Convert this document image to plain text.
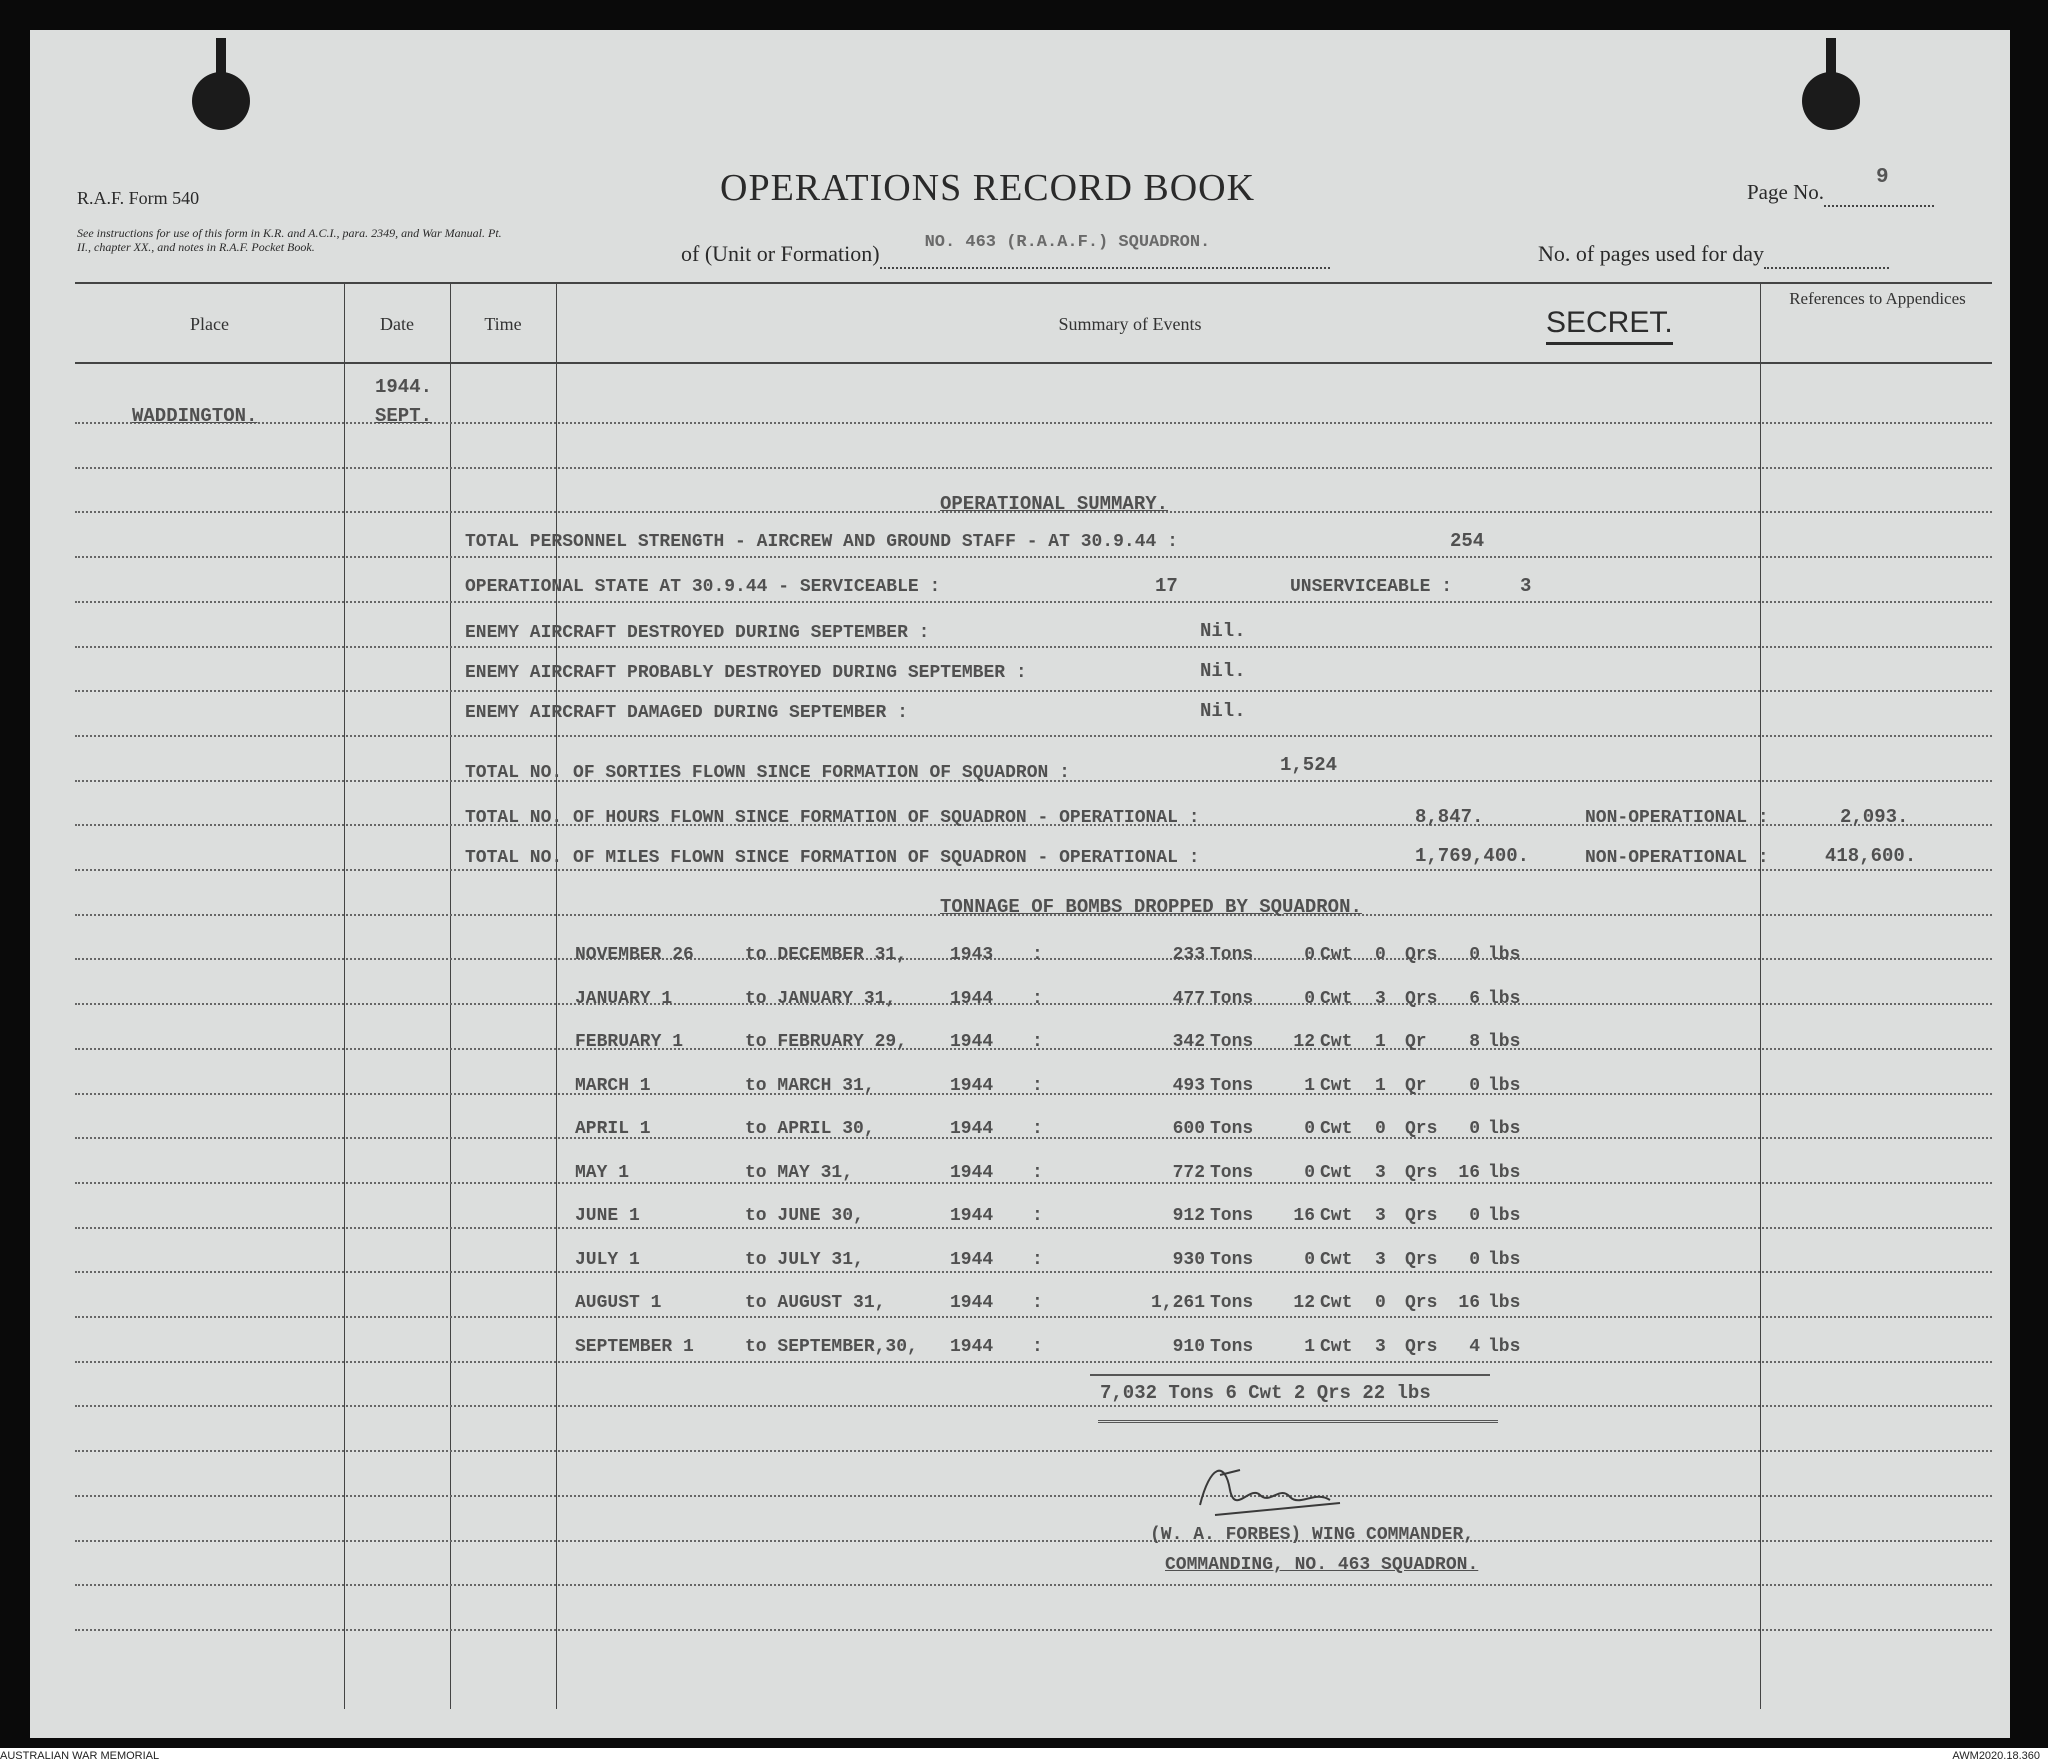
R.A.F. Form 540
See instructions for use of this form in K.R. and A.C.I., para. 2349, and War Manual. Pt. II., chapter XX., and notes in R.A.F. Pocket Book.
OPERATIONS RECORD BOOK	Page No.
9

of (Unit or Formation)	NO. 463 (R.A.A.F.) SQUADRON.
	No. of pages used for day
Place	Date	Time	Summary of Events	SECRET.
References to Appendices
WADDINGTON.
1944.
SEPT.
OPERATIONAL SUMMARY.
TOTAL PERSONNEL STRENGTH - AIRCREW AND GROUND STAFF - AT 30.9.44 :	254
OPERATIONAL STATE AT 30.9.44 - SERVICEABLE :	17	UNSERVICEABLE :	3
ENEMY AIRCRAFT DESTROYED DURING SEPTEMBER :	Nil.
ENEMY AIRCRAFT PROBABLY DESTROYED DURING SEPTEMBER :	Nil.
ENEMY AIRCRAFT DAMAGED DURING SEPTEMBER :	Nil.
TOTAL NO. OF SORTIES FLOWN SINCE FORMATION OF SQUADRON :	1,524
TOTAL NO. OF HOURS FLOWN SINCE FORMATION OF SQUADRON - OPERATIONAL :	8,847.	NON-OPERATIONAL :	2,093.
TOTAL NO. OF MILES FLOWN SINCE FORMATION OF SQUADRON - OPERATIONAL :	1,769,400.	NON-OPERATIONAL :	418,600.
TONNAGE OF BOMBS DROPPED BY SQUADRON.
NOVEMBER 26	to DECEMBER 31, 1943 :	233 Tons	0 Cwt 0 Qrs	0 lbs
JANUARY 1	to JANUARY 31,	1944 :	477 Tons	0 Cwt 3 Qrs	6 lbs
FEBRUARY 1	to FEBRUARY 29, 1944 :	342 Tons	12 Cwt 1 Qr	8 lbs
MARCH 1	to MARCH 31,	1944 :	493 Tons	1 Cwt 1 Qr	0 lbs
APRIL 1	to APRIL 30,	1944 :	600 Tons	0 Cwt 0 Qrs	0 lbs
MAY 1	to MAY 31,	1944 :	772 Tons	0 Cwt 3 Qrs	16 lbs
JUNE 1	to JUNE 30,	1944 :	912 Tons	16 Cwt 3 Qrs	0 lbs
JULY 1	to JULY 31,	1944 :	930 Tons	0 Cwt 3 Qrs	0 lbs
AUGUST 1	to AUGUST 31,	1944 :	1,261 Tons	12 Cwt 0 Qrs	16 lbs
SEPTEMBER 1	to SEPTEMBER,30, 1944 :	910 Tons	1 Cwt 3 Qrs	4 lbs
7,032 Tons 6 Cwt 2 Qrs 22 lbs
(W. A. FORBES) WING COMMANDER,
COMMANDING, NO. 463 SQUADRON.
AUSTRALIAN WAR MEMORIAL	AWM2020.18.360
